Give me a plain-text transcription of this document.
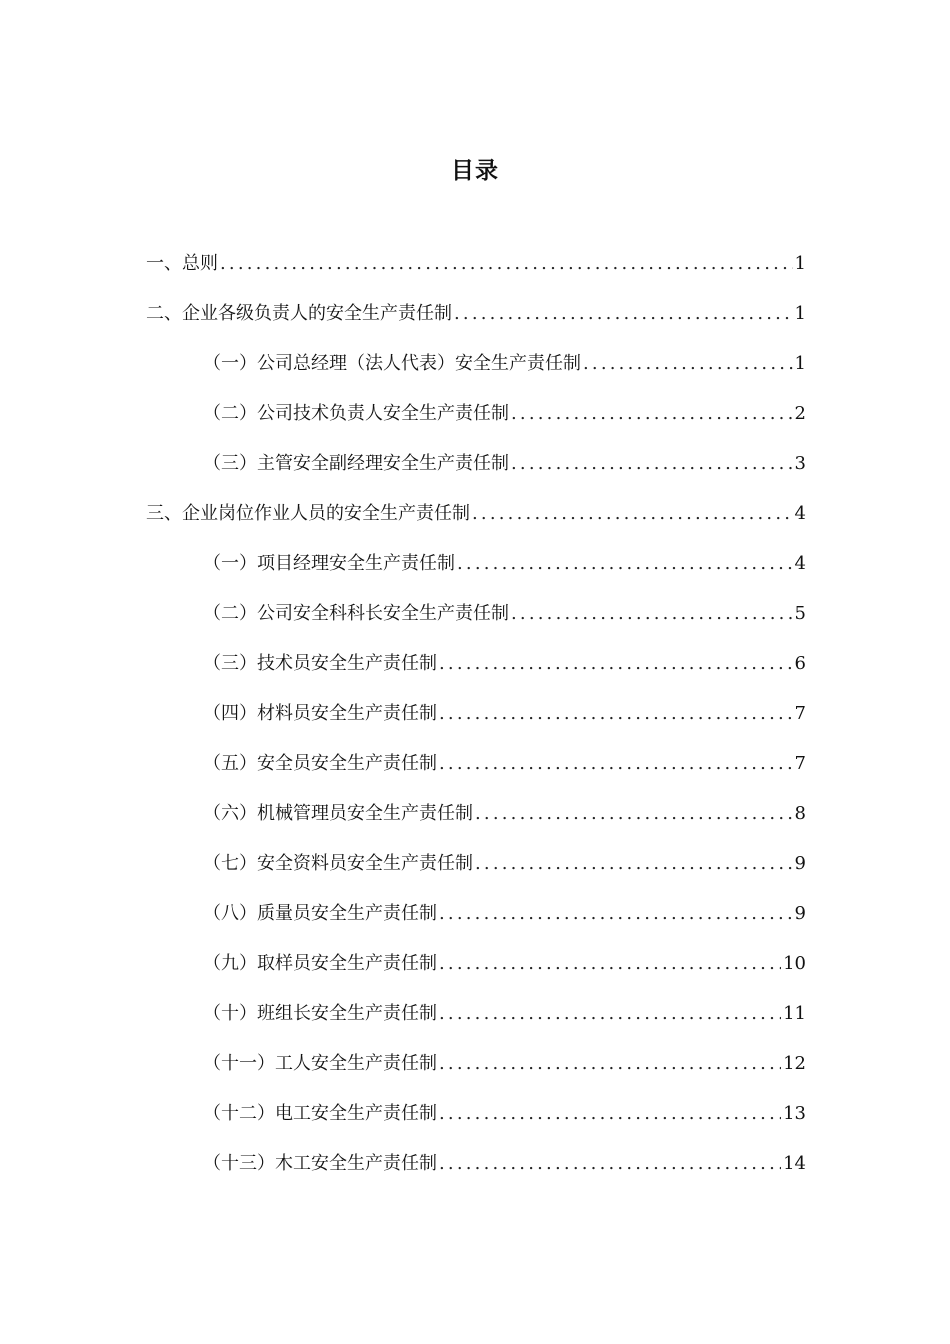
目录
一、总则 .....	1
二、企业各级负责人的安全生产责任制 .....	1
（一）公司总经理（法人代表）安全生产责任制 .....	1
（二）公司技术负责人安全生产责任制 .....	2
（三）主管安全副经理安全生产责任制 .....	3
三、企业岗位作业人员的安全生产责任制 .....	4
（一）项目经理安全生产责任制 .....	4
（二）公司安全科科长安全生产责任制 .....	5
（三）技术员安全生产责任制 .....	6
（四）材料员安全生产责任制 .....	7
（五）安全员安全生产责任制 .....	7
（六）机械管理员安全生产责任制 .....	8
（七）安全资料员安全生产责任制 .....	9
（八）质量员安全生产责任制 .....	9
（九）取样员安全生产责任制 .....	10
（十）班组长安全生产责任制 .....	11
（十一）工人安全生产责任制 .....	12
（十二）电工安全生产责任制 .....	13
（十三）木工安全生产责任制 .....	14
